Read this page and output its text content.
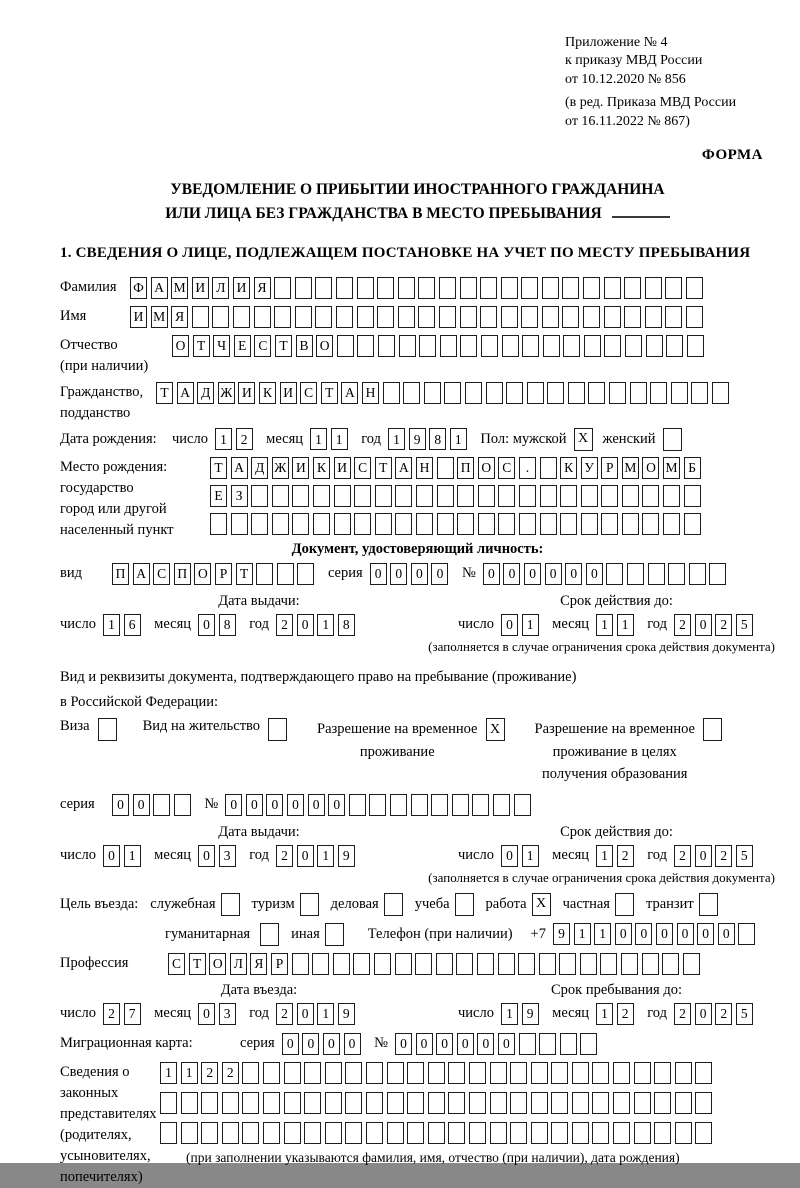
Приложение № 4
к приказу МВД России
от 10.12.2020 № 856
(в ред. Приказа МВД России
от 16.11.2022 № 867)
ФОРМА
УВЕДОМЛЕНИЕ О ПРИБЫТИИ ИНОСТРАННОГО ГРАЖДАНИНА
ИЛИ ЛИЦА БЕЗ ГРАЖДАНСТВА В МЕСТО ПРЕБЫВАНИЯ
1. СВЕДЕНИЯ О ЛИЦЕ, ПОДЛЕЖАЩЕМ ПОСТАНОВКЕ НА УЧЕТ ПО МЕСТУ ПРЕБЫВАНИЯ
Фамилия	Ф А М И Л И Я
Имя	И М Я
Отчество
(при наличии)
О Т Ч Е С Т В О
Гражданство,
подданство
Т А Д Ж И К И С Т А Н
Дата рождения:	число 1	2	месяц 1	1	год 1	9	8	1	Пол: мужской X женский
Место рождения:
государство
город или другой
населенный пункт
Т А Д Ж И К И С Т А Н П О С	.	К У Р М О М Б
Е З
Документ, удостоверяющий личность:
вид	П А С П О Р Т	серия 0	0	0	0	№ 0	0	0	0	0	0
Дата выдачи:	Срок действия до:
число 1	6	месяц 0	8	год 2	0	1	8	число 0	1	месяц 1	1	год 2	0	2	5
(заполняется в случае ограничения срока действия документа)
Вид и реквизиты документа, подтверждающего право на пребывание (проживание)
в Российской Федерации:
Виза	Вид на жительство	Разрешение на временное
проживание
X	Разрешение на временное
проживание в целях
получения образования
серия	0	0	№ 0	0	0	0	0	0
Дата выдачи:	Срок действия до:
число 0	1	месяц 0	3	год 2	0	1	9	число 0	1	месяц 1	2	год 2	0	2	5
(заполняется в случае ограничения срока действия документа)
Цель въезда: служебная туризм деловая учеба работа X	частная транзит
гуманитарная	иная	Телефон (при наличии) +7 9	1	1	0	0	0	0	0	0
Профессия	С Т О Л Я Р
Дата въезда:	Срок пребывания до:
число 2	7	месяц 0	3	год 2	0	1	9	число 1	9	месяц 1	2	год 2	0	2	5
Миграционная карта:	серия 0	0	0	0	№ 0	0	0	0	0	0
Сведения о
законных
представителях
(родителях,
усыновителях,
попечителях)
1	1	2	2
(при заполнении указываются фамилия, имя, отчество (при наличии), дата рождения)
